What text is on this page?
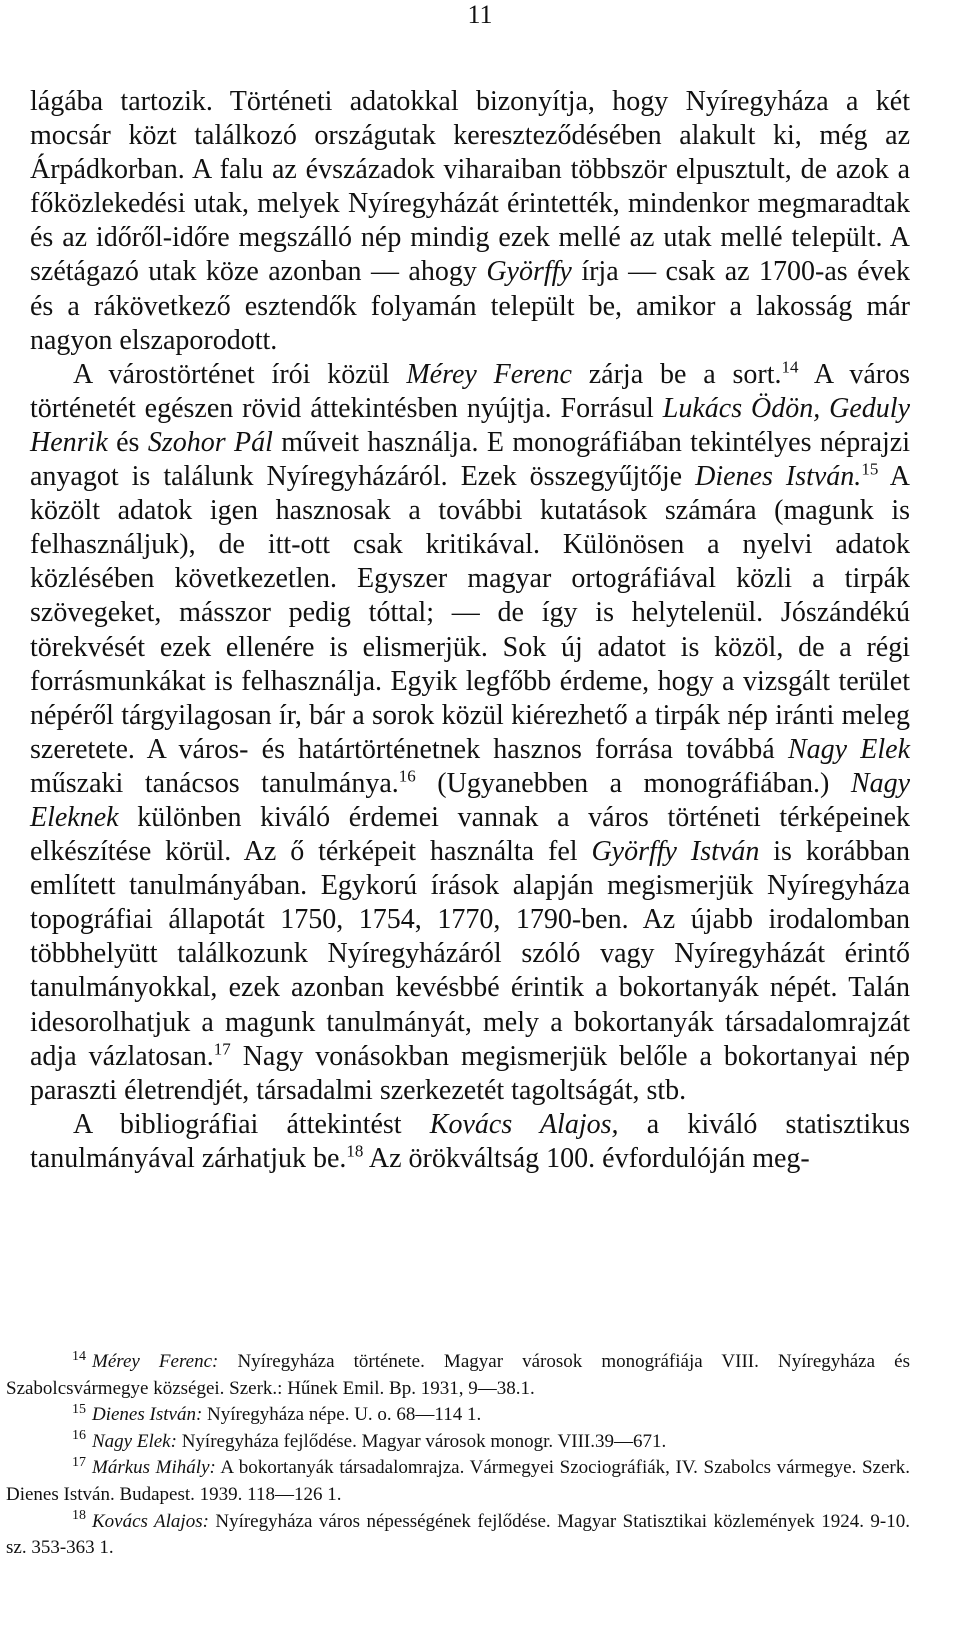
11

lágába tartozik. Történeti adatokkal bizonyítja, hogy Nyíregyháza a két mocsár közt találkozó országutak kereszteződésében alakult ki, még az Árpádkorban. A falu az évszázadok viharaiban többször elpusztult, de azok a főközlekedési utak, melyek Nyíregyházát érintették, mindenkor megmaradtak és az időről-időre megszálló nép mindig ezek mellé az utak mellé települt. A szétágazó utak köze azonban — ahogy Györffy írja — csak az 1700-as évek és a rákövetkező esztendők folyamán települt be, amikor a lakosság már nagyon elszaporodott.

A várostörténet írói közül Mérey Ferenc zárja be a sort.$^{14}$ A város történetét egészen rövid áttekintésben nyújtja. Forrásul Lukács Ödön, Geduly Henrik és Szohor Pál műveit használja. E monográfiában tekintélyes néprajzi anyagot is találunk Nyíregyházáról. Ezek összegyűjtője Dienes István.$^{15}$ A közölt adatok igen hasznosak a további kutatások számára (magunk is felhasználjuk), de itt-ott csak kritikával. Különösen a nyelvi adatok közlésében következetlen. Egyszer magyar ortográfiával közli a tirpák szövegeket, másszor pedig tóttal; — de így is helytelenül. Jószándékú törekvését ezek ellenére is elismerjük. Sok új adatot is közöl, de a régi forrásmunkákat is felhasználja. Egyik legfőbb érdeme, hogy a vizsgált terület népéről tárgyilagosan ír, bár a sorok közül kiérezhető a tirpák nép iránti meleg szeretete. A város- és határtörténetnek hasznos forrása továbbá Nagy Elek műszaki tanácsos tanulmánya.$^{16}$ (Ugyanebben a monográfiában.) Nagy Eleknek különben kiváló érdemei vannak a város történeti térképeinek elkészítése körül. Az ő térképeit használta fel Györffy István is korábban említett tanulmányában. Egykorú írások alapján megismerjük Nyíregyháza topográfiai állapotát 1750, 1754, 1770, 1790-ben. Az újabb irodalomban többhelyütt találkozunk Nyíregyházáról szóló vagy Nyíregyházát érintő tanulmányokkal, ezek azonban kevésbbé érintik a bokortanyák népét. Talán idesorolhatjuk a magunk tanulmányát, mely a bokortanyák társadalomrajzát adja vázlatosan.$^{17}$ Nagy vonásokban megismerjük belőle a bokortanyai nép paraszti életrendjét, társadalmi szerkezetét tagoltságát, stb.

A bibliográfiai áttekintést Kovács Alajos, a kiváló statisztikus tanulmányával zárhatjuk be.$^{18}$ Az örökváltság 100. évfordulóján meg-

$^{14}$ Mérey Ferenc: Nyíregyháza története. Magyar városok monográfiája VIII. Nyíregyháza és Szabolcsvármegye községei. Szerk.: Hűnek Emil. Bp. 1931, 9—38.1.

$^{15}$ Dienes István: Nyíregyháza népe. U. o. 68—114 1.

$^{16}$ Nagy Elek: Nyíregyháza fejlődése. Magyar városok monogr. VIII.39—671.

$^{17}$ Márkus Mihály: A bokortanyák társadalomrajza. Vármegyei Szociográfiák, IV. Szabolcs vármegye. Szerk. Dienes István. Budapest. 1939. 118—126 1.

$^{18}$ Kovács Alajos: Nyíregyháza város népességének fejlődése. Magyar Statisztikai közlemények 1924. 9-10. sz. 353-363 1.
